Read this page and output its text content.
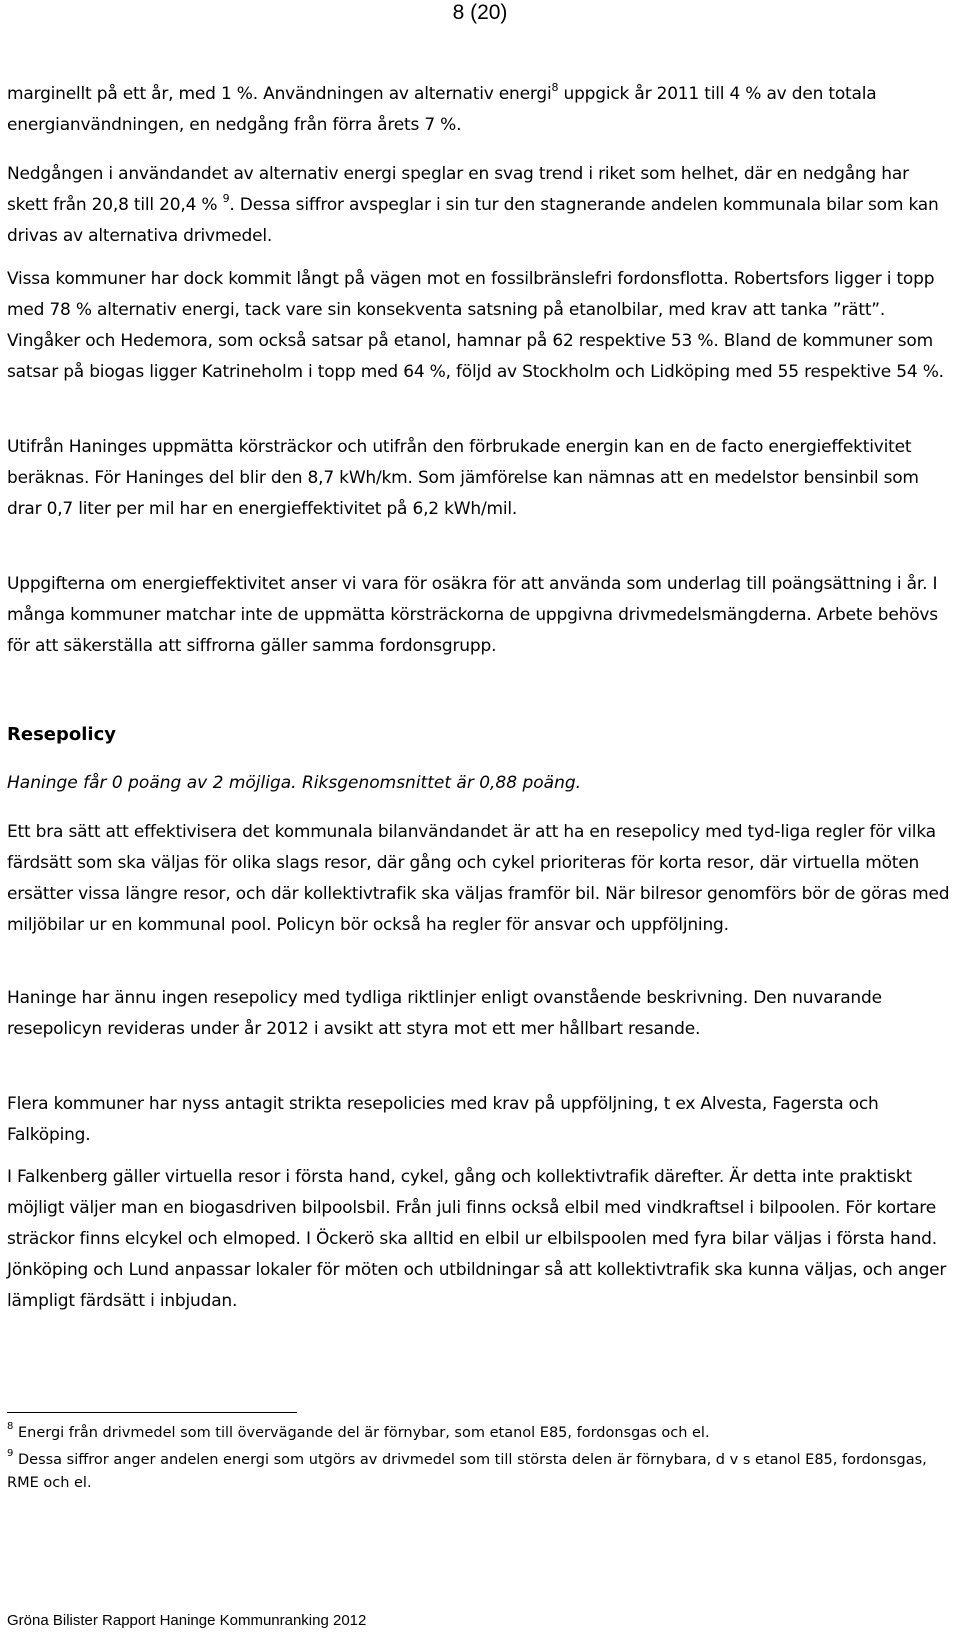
8 (20)

marginellt på ett år, med 1 %. Användningen av alternativ energi$^8$ uppgick år 2011 till 4 % av den totala energianvändningen, en nedgång från förra årets 7 %.

Nedgången i användandet av alternativ energi speglar en svag trend i riket som helhet, där en nedgång har skett från 20,8 till 20,4 % $^9$. Dessa siffror avspeglar i sin tur den stagnerande andelen kommunala bilar som kan drivas av alternativa drivmedel.

Vissa kommuner har dock kommit långt på vägen mot en fossilbränslefri fordonsflotta. Robertsfors ligger i topp med 78 % alternativ energi, tack vare sin konsekventa satsning på etanolbilar, med krav att tanka ”rätt”. Vingåker och Hedemora, som också satsar på etanol, hamnar på 62 respektive 53 %. Bland de kommuner som satsar på biogas ligger Katrineholm i topp med 64 %, följd av Stockholm och Lidköping med 55 respektive 54 %.

Utifrån Haninges uppmätta körsträckor och utifrån den förbrukade energin kan en de facto energieffektivitet beräknas. För Haninges del blir den 8,7 kWh/km. Som jämförelse kan nämnas att en medelstor bensinbil som drar 0,7 liter per mil har en energieffektivitet på 6,2 kWh/mil.

Uppgifterna om energieffektivitet anser vi vara för osäkra för att använda som underlag till poängsättning i år. I många kommuner matchar inte de uppmätta körsträckorna de uppgivna drivmedelsmängderna. Arbete behövs för att säkerställa att siffrorna gäller samma fordonsgrupp.

Resepolicy
Haninge får 0 poäng av 2 möjliga. Riksgenomsnittet är 0,88 poäng.

Ett bra sätt att effektivisera det kommunala bilanvändandet är att ha en resepolicy med tyd-liga regler för vilka färdsätt som ska väljas för olika slags resor, där gång och cykel prioriteras för korta resor, där virtuella möten ersätter vissa längre resor, och där kollektivtrafik ska väljas framför bil. När bilresor genomförs bör de göras med miljöbilar ur en kommunal pool. Policyn bör också ha regler för ansvar och uppföljning.

Haninge har ännu ingen resepolicy med tydliga riktlinjer enligt ovanstående beskrivning. Den nuvarande resepolicyn revideras under år 2012 i avsikt att styra mot ett mer hållbart resande.

Flera kommuner har nyss antagit strikta resepolicies med krav på uppföljning, t ex Alvesta, Fagersta och Falköping.

I Falkenberg gäller virtuella resor i första hand, cykel, gång och kollektivtrafik därefter. Är detta inte praktiskt möjligt väljer man en biogasdriven bilpoolsbil. Från juli finns också elbil med vindkraftsel i bilpoolen. För kortare sträckor finns elcykel och elmoped. I Öckerö ska alltid en elbil ur elbilspoolen med fyra bilar väljas i första hand. Jönköping och Lund anpassar lokaler för möten och utbildningar så att kollektivtrafik ska kunna väljas, och anger lämpligt färdsätt i inbjudan.

$^8$ Energi från drivmedel som till övervägande del är förnybar, som etanol E85, fordonsgas och el.
$^9$ Dessa siffror anger andelen energi som utgörs av drivmedel som till största delen är förnybara, d v s etanol E85, fordonsgas, RME och el.
Gröna Bilister Rapport Haninge Kommunranking 2012
